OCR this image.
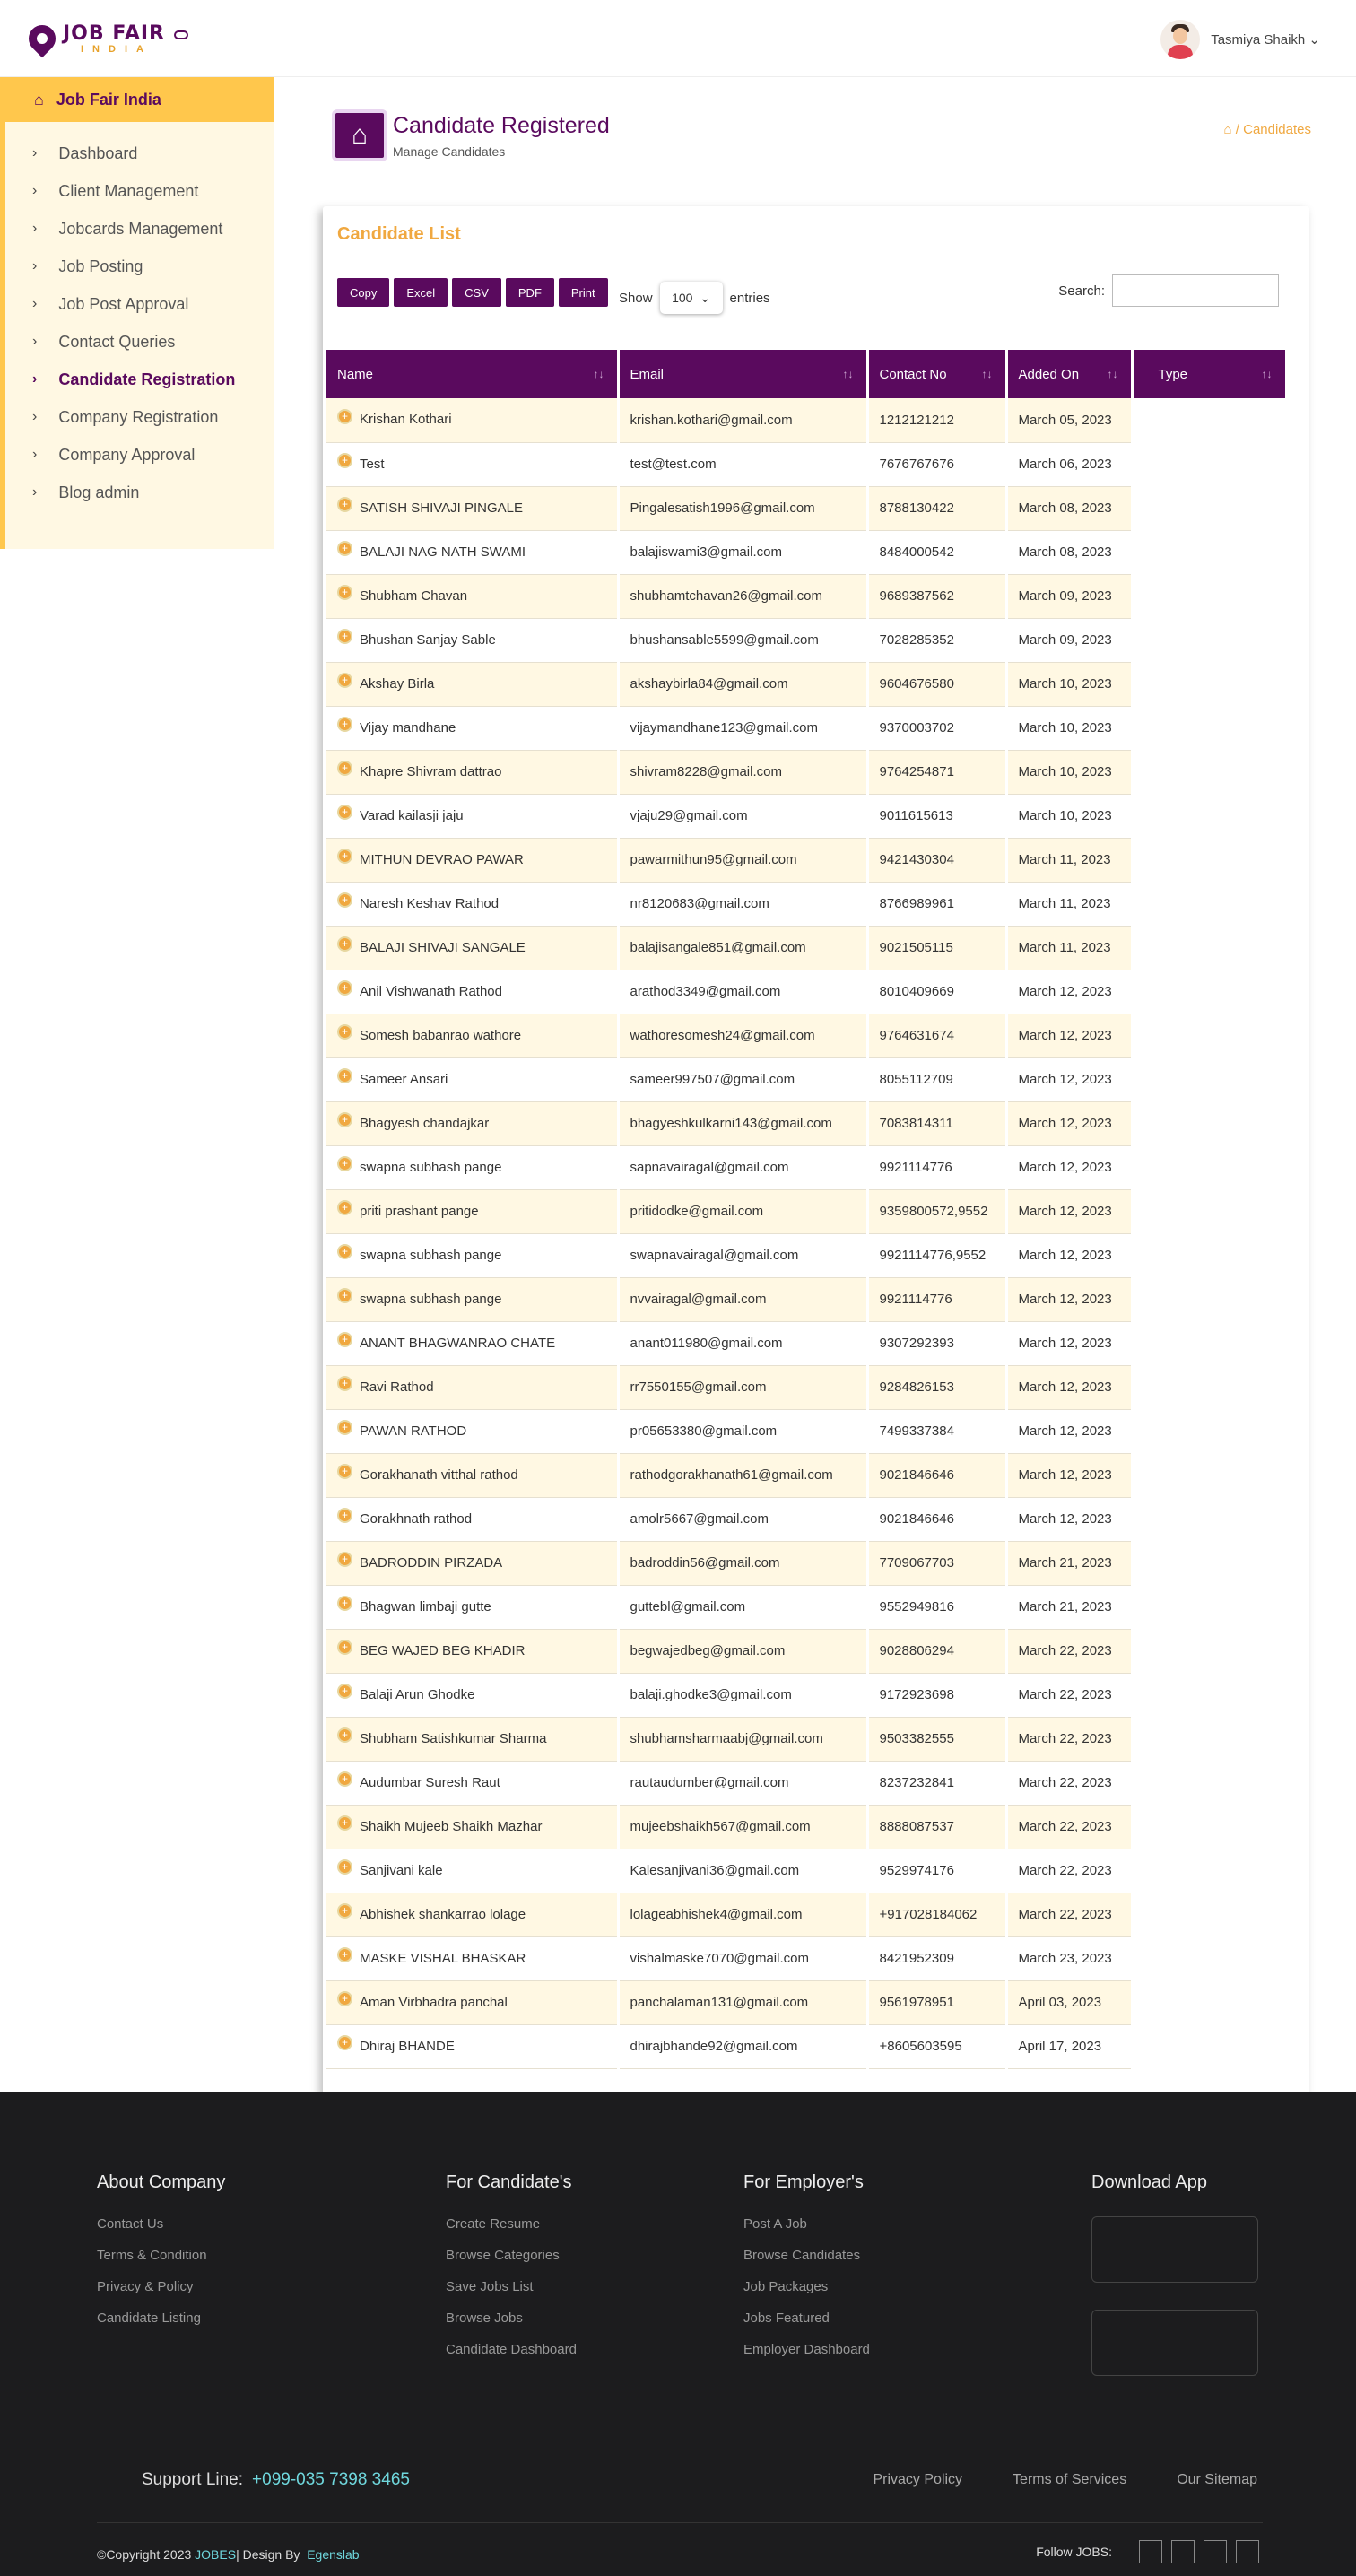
JOB FAIR
INDIA
Tasmiya Shaikh ⌄
⌂ Job Fair India
› Dashboard
› Client Management
› Jobcards Management
› Job Posting
› Job Post Approval
› Contact Queries
› Candidate Registration
› Company Registration
› Company Approval
› Blog admin
⌂	Candidate Registered
Manage Candidates
⌂ / Candidates
Candidate List
Copy	Excel	CSV	PDF	Print	Show 100 ⌄	entries	Search:
Name ↑↓	Email ↑↓	Contact No ↑↓	Added On ↑↓	Type ↑↓

+ Krishan Kothari	krishan.kothari@gmail.com	1212121212	March 05, 2023	
+ Test	test@test.com	7676767676	March 06, 2023	
+ SATISH SHIVAJI PINGALE	Pingalesatish1996@gmail.com	8788130422	March 08, 2023	
+ BALAJI NAG NATH SWAMI	balajiswami3@gmail.com	8484000542	March 08, 2023	
+ Shubham Chavan	shubhamtchavan26@gmail.com	9689387562	March 09, 2023	
+ Bhushan Sanjay Sable	bhushansable5599@gmail.com	7028285352	March 09, 2023	
+ Akshay Birla	akshaybirla84@gmail.com	9604676580	March 10, 2023	
+ Vijay mandhane	vijaymandhane123@gmail.com	9370003702	March 10, 2023	
+ Khapre Shivram dattrao	shivram8228@gmail.com	9764254871	March 10, 2023	
+ Varad kailasji jaju	vjaju29@gmail.com	9011615613	March 10, 2023	
+ MITHUN DEVRAO PAWAR	pawarmithun95@gmail.com	9421430304	March 11, 2023	
+ Naresh Keshav Rathod	nr8120683@gmail.com	8766989961	March 11, 2023	
+ BALAJI SHIVAJI SANGALE	balajisangale851@gmail.com	9021505115	March 11, 2023	
+ Anil Vishwanath Rathod	arathod3349@gmail.com	8010409669	March 12, 2023	
+ Somesh babanrao wathore	wathoresomesh24@gmail.com	9764631674	March 12, 2023	
+ Sameer Ansari	sameer997507@gmail.com	8055112709	March 12, 2023	
+ Bhagyesh chandajkar	bhagyeshkulkarni143@gmail.com	7083814311	March 12, 2023	
+ swapna subhash pange	sapnavairagal@gmail.com	9921114776	March 12, 2023	
+ priti prashant pange	pritidodke@gmail.com	9359800572,9552	March 12, 2023	
+ swapna subhash pange	swapnavairagal@gmail.com	9921114776,9552	March 12, 2023	
+ swapna subhash pange	nvvairagal@gmail.com	9921114776	March 12, 2023	
+ ANANT BHAGWANRAO CHATE	anant011980@gmail.com	9307292393	March 12, 2023	
+ Ravi Rathod	rr7550155@gmail.com	9284826153	March 12, 2023	
+ PAWAN RATHOD	pr05653380@gmail.com	7499337384	March 12, 2023	
+ Gorakhanath vitthal rathod	rathodgorakhanath61@gmail.com	9021846646	March 12, 2023	
+ Gorakhnath rathod	amolr5667@gmail.com	9021846646	March 12, 2023	
+ BADRODDIN PIRZADA	badroddin56@gmail.com	7709067703	March 21, 2023	
+ Bhagwan limbaji gutte	guttebl@gmail.com	9552949816	March 21, 2023	
+ BEG WAJED BEG KHADIR	begwajedbeg@gmail.com	9028806294	March 22, 2023	
+ Balaji Arun Ghodke	balaji.ghodke3@gmail.com	9172923698	March 22, 2023	
+ Shubham Satishkumar Sharma	shubhamsharmaabj@gmail.com	9503382555	March 22, 2023	
+ Audumbar Suresh Raut	rautaudumber@gmail.com	8237232841	March 22, 2023	
+ Shaikh Mujeeb Shaikh Mazhar	mujeebshaikh567@gmail.com	8888087537	March 22, 2023	
+ Sanjivani kale	Kalesanjivani36@gmail.com	9529974176	March 22, 2023	
+ Abhishek shankarrao lolage	lolageabhishek4@gmail.com	+917028184062	March 22, 2023	
+ MASKE VISHAL BHASKAR	vishalmaske7070@gmail.com	8421952309	March 23, 2023	
+ Aman Virbhadra panchal	panchalaman131@gmail.com	9561978951	April 03, 2023	
+ Dhiraj BHANDE	dhirajbhande92@gmail.com	+8605603595	April 17, 2023	
About Company
Contact Us
Terms & Condition
Privacy & Policy
Candidate Listing
For Candidate's
Create Resume
Browse Categories
Save Jobs List
Browse Jobs
Candidate Dashboard
For Employer's
Post A Job
Browse Candidates
Job Packages
Jobs Featured
Employer Dashboard
Download App
Support Line: +099-035 7398 3465	Privacy Policy	Terms of Services	Our Sitemap
©Copyright 2023 JOBES| Design By Egenslab	Follow JOBS:
